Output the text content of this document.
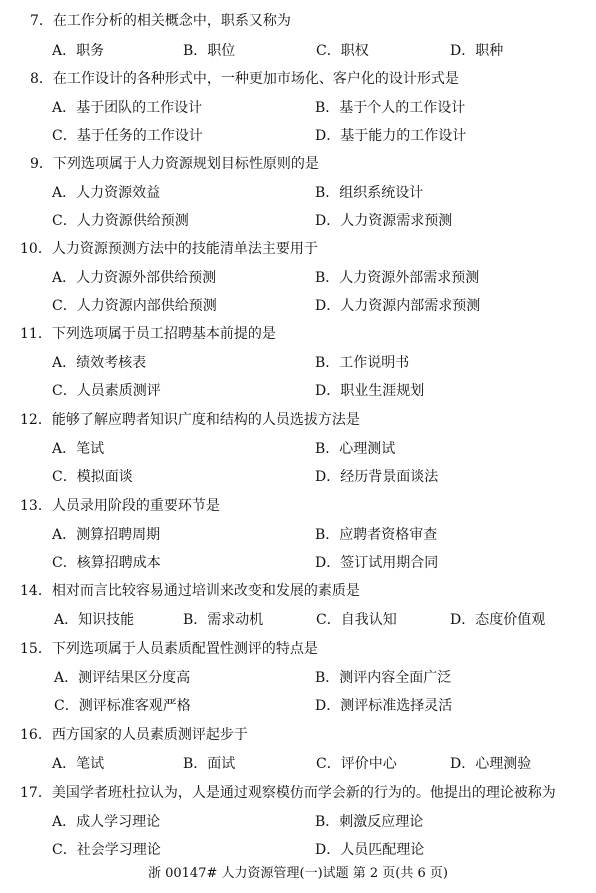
7．在工作分析的相关概念中，职系又称为
A．职务	B．职位	C．职权	D．职种
8．在工作设计的各种形式中，一种更加市场化、客户化的设计形式是
A．基于团队的工作设计	B．基于个人的工作设计
C．基于任务的工作设计	D．基于能力的工作设计
9．下列选项属于人力资源规划目标性原则的是
A．人力资源效益	B．组织系统设计
C．人力资源供给预测	D．人力资源需求预测
10．人力资源预测方法中的技能清单法主要用于
A．人力资源外部供给预测	B．人力资源外部需求预测
C．人力资源内部供给预测	D．人力资源内部需求预测
11．下列选项属于员工招聘基本前提的是
A．绩效考核表	B．工作说明书
C．人员素质测评	D．职业生涯规划
12．能够了解应聘者知识广度和结构的人员选拔方法是
A．笔试	B．心理测试
C．模拟面谈	D．经历背景面谈法
13．人员录用阶段的重要环节是
A．测算招聘周期	B．应聘者资格审查
C．核算招聘成本	D．签订试用期合同
14．相对而言比较容易通过培训来改变和发展的素质是
A．知识技能	B．需求动机	C．自我认知	D．态度价值观
15．下列选项属于人员素质配置性测评的特点是
A．测评结果区分度高	B．测评内容全面广泛
C．测评标准客观严格	D．测评标准选择灵活
16．西方国家的人员素质测评起步于
A．笔试	B．面试	C．评价中心	D．心理测验
17．美国学者班杜拉认为，人是通过观察模仿而学会新的行为的。他提出的理论被称为
A．成人学习理论	B．刺激反应理论
C．社会学习理论	D．人员匹配理论
浙 00147# 人力资源管理(一)试题 第 2 页(共 6 页)
